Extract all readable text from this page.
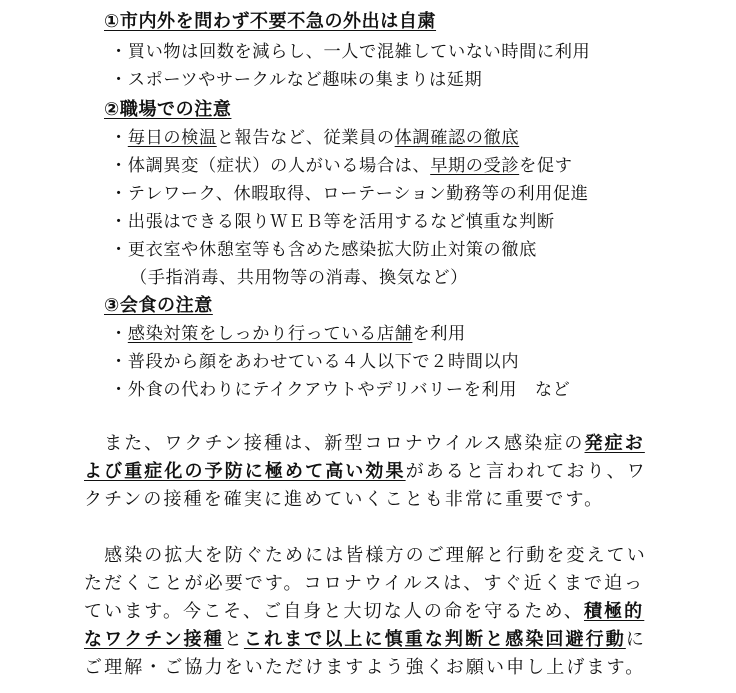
①市内外を問わず不要不急の外出は自粛
・買い物は回数を減らし、一人で混雑していない時間に利用
・スポーツやサークルなど趣味の集まりは延期
②職場での注意
・毎日の検温と報告など、従業員の体調確認の徹底
・体調異変（症状）の人がいる場合は、早期の受診を促す
・テレワーク、休暇取得、ローテーション勤務等の利用促進
・出張はできる限りＷＥＢ等を活用するなど慎重な判断
・更衣室や休憩室等も含めた感染拡大防止対策の徹底
（手指消毒、共用物等の消毒、換気など）
③会食の注意
・感染対策をしっかり行っている店舗を利用
・普段から顔をあわせている４人以下で２時間以内
・外食の代わりにテイクアウトやデリバリーを利用　など
　また、ワクチン接種は、新型コロナウイルス感染症の発症お
よび重症化の予防に極めて高い効果があると言われており、ワ
クチンの接種を確実に進めていくことも非常に重要です。
　感染の拡大を防ぐためには皆様方のご理解と行動を変えてい
ただくことが必要です。コロナウイルスは、すぐ近くまで迫っ
ています。今こそ、ご自身と大切な人の命を守るため、積極的
なワクチン接種とこれまで以上に慎重な判断と感染回避行動に
ご理解・ご協力をいただけますよう強くお願い申し上げます。
